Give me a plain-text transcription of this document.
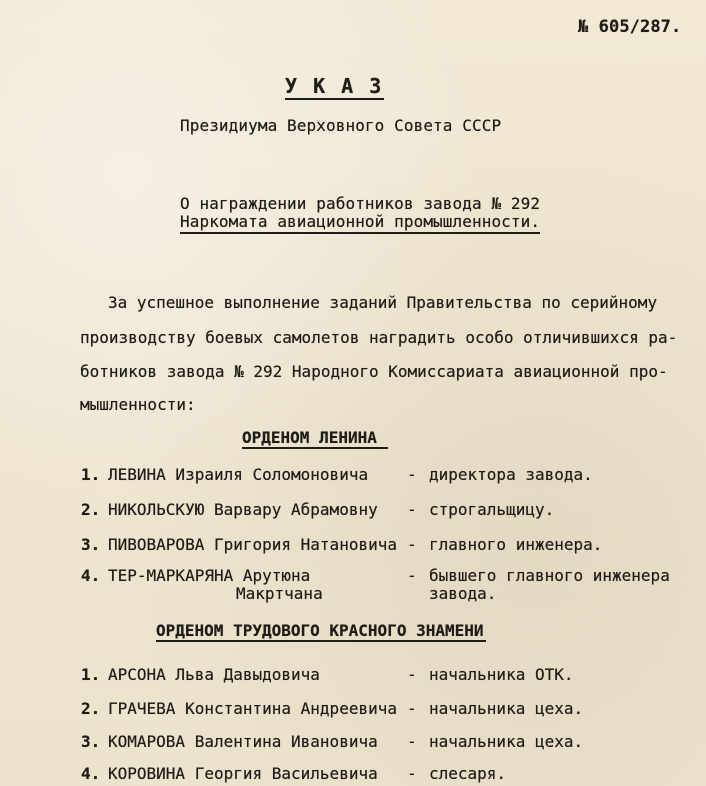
№ 605/287.
У К А З
Президиума Верховного Совета СССР
О награждении работников завода № 292
Наркомата авиационной промышленности.
За успешное выполнение заданий Правительства по серийному
производству боевых самолетов наградить особо отличившихся ра-
ботников завода № 292 Народного Комиссариата авиационной про-
мышленности:
ОРДЕНОМ ЛЕНИНА
1. ЛЕВИНА Израиля Соломоновича - директора завода.
2. НИКОЛЬСКУЮ Варвару Абрамовну - строгальщицу.
3. ПИВОВАРОВА Григория Натановича - главного инженера.
4. ТЕР-МАРКАРЯНА Арутюна
Макртчана
- бывшего главного инженера
завода.
ОРДЕНОМ ТРУДОВОГО КРАСНОГО ЗНАМЕНИ
1. АРСОНА Льва Давыдовича	- начальника ОТК.
2. ГРАЧЕВА Константина Андреевича - начальника цеха.
3. КОМАРОВА Валентина Ивановича - начальника цеха.
4. КОРОВИНА Георгия Васильевича - слесаря.
